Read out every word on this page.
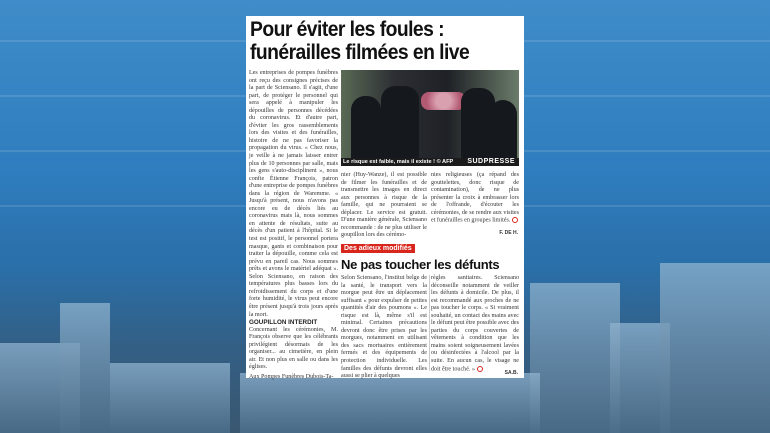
Pour éviter les foules : funérailles filmées en live

Les entreprises de pompes funèbres ont reçu des consignes précises de la part de Sciensano. Il s'agit, d'une part, de protéger le personnel qui sera appelé à manipuler les dépouilles de personnes décédées du coronavirus. Et d'autre part, d'éviter les gros rassemblements lors des visites et des funérailles, histoire de ne pas favoriser la propagation du virus. « Chez nous, je veille à ne jamais laisser entrer plus de 10 personnes par salle, mais les gens s'auto-disciplinent », nous confie Étienne François, patron d'une entreprise de pompes funèbres dans la région de Waremme. « Jusqu'à présent, nous n'avons pas encore eu de décès liés au coronavirus mais là, nous sommes en attente de résultats, suite au décès d'un patient à l'hôpital. Si le test est positif, le personnel portera masque, gants et combinaison pour traiter la dépouille, comme cela est prévu en pareil cas. Nous sommes prêts et avons le matériel adéquat ». Selon Sciensano, en raison des températures plus basses lors du refroidissement du corps et d'une forte humidité, le virus peut encore être présent jusqu'à trois jours après la mort.

GOUPILLON INTERDIT

Concernant les cérémonies, M. François observe que les célébrants privilégient désormais de les organiser... au cimetière, en plein air. Et non plus en salle ou dans les églises.

Aux Pompes Funèbres Dubois-Ta-

Le risque est faible, mais il existe ! © AFP SUDPRESSE

nier (Huy-Wanze), il est possible de filmer les funérailles et de transmettre les images en direct aux personnes à risque de la famille, qui ne pourraient se déplacer. Le service est gratuit. D'une manière générale, Sciensano recommande : de ne plus utiliser le goupillon lors des cérémo-

nies religieuses (ça répand des gouttelettes, donc risque de contamination), de ne plus présenter la croix à embrasser lors de l'offrande, d'écouter les cérémonies, de se rendre aux visites et funérailles en groupes limités.

F. DE H.
Des adieux modifiés
Ne pas toucher les défunts

Selon Sciensano, l'institut belge de la santé, le transport vers la morgue peut être un déplacement suffisant « pour expulser de petites quantités d'air des poumons ». Le risque est là, même s'il est minimal. Certaines précautions devront donc être prises par les morgues, notamment en utilisant des sacs mortuaires entièrement fermés et des équipements de protection individuelle. Les familles des défunts devront elles aussi se plier à quelques

règles sanitaires. Sciensano déconseille notamment de veiller les défunts à domicile. De plus, il est recommandé aux proches de ne pas toucher le corps. « Si vraiment souhaité, un contact des mains avec le défunt peut être possible avec des parties du corps couvertes de vêtements à condition que les mains soient soigneusement lavées ou désinfectées à l'alcool par la suite. En aucun cas, le visage ne doit être touché. »

SA.B.
